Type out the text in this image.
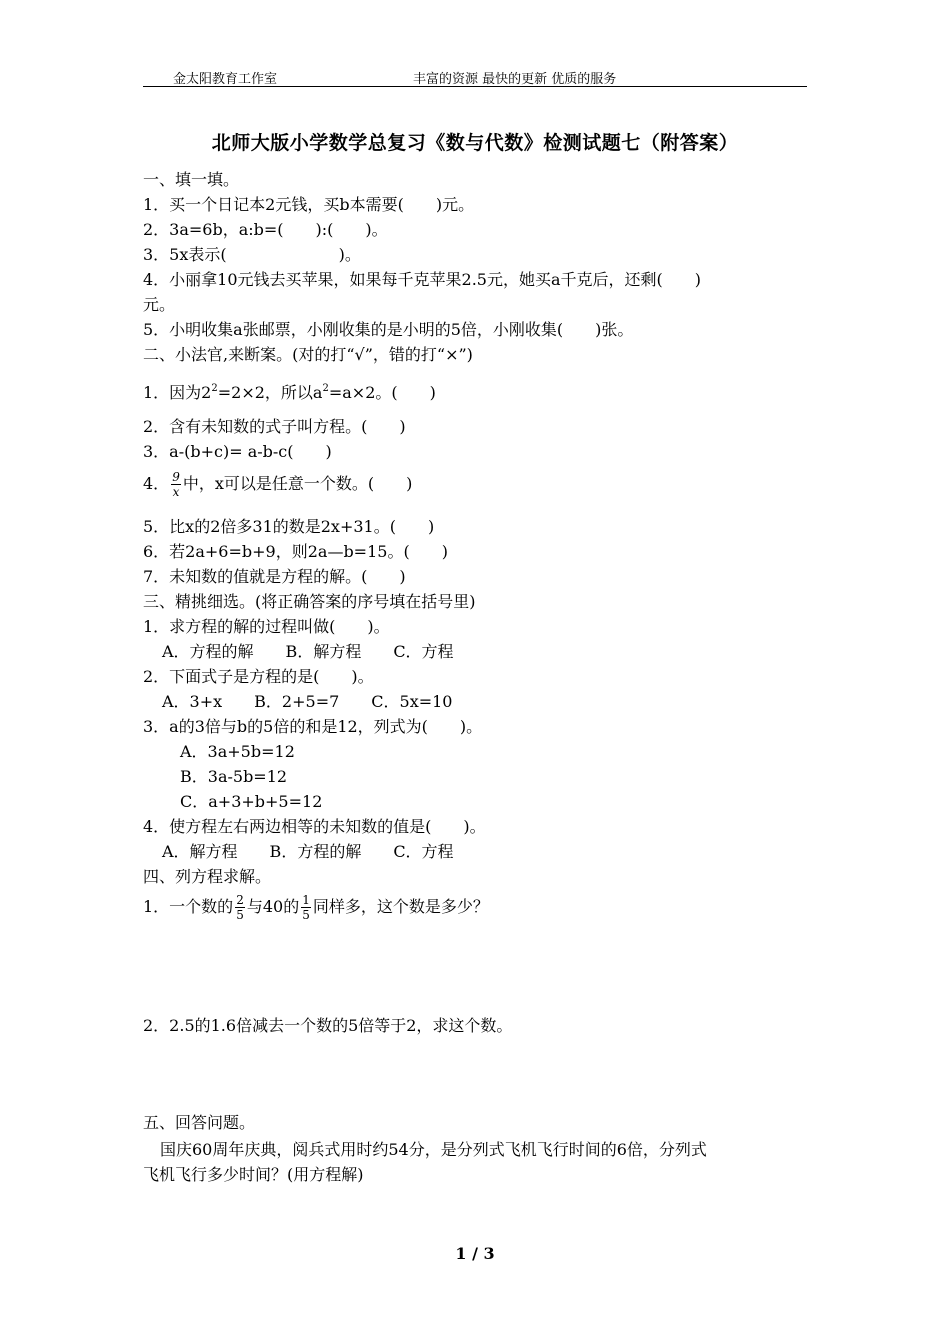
金太阳教育工作室	丰富的资源 最快的更新 优质的服务
北师大版小学数学总复习《数与代数》检测试题七（附答案）
一、填一填。
1．买一个日记本2元钱，买b本需要(　　)元。
2．3a=6b，a:b=(　　):(　　)。
3．5x表示(　　　　　　　)。
4．小丽拿10元钱去买苹果，如果每千克苹果2.5元，她买a千克后，还剩(　　)
元。
5．小明收集a张邮票，小刚收集的是小明的5倍，小刚收集(　　)张。
二、小法官,来断案。(对的打“√”，错的打“×”)
1．因为$2^2=2\times 2$，所以$a^2=a\times 2$。(　　)
2．含有未知数的式子叫方程。(　　)
3．a-(b+c)= a-b-c(　　)
4． $\frac{9}{x}$ 中，x可以是任意一个数。(　　)
5．比x的2倍多31的数是2x+31。(　　)
6．若2a+6=b+9，则2a—b=15。(　　)
7．未知数的值就是方程的解。(　　)
三、精挑细选。(将正确答案的序号填在括号里)
1．求方程的解的过程叫做(　　)。
A．方程的解　　B．解方程　　C．方程
2．下面式子是方程的是(　　)。
A．3+x　　B．2+5=7　　C．5x=10
3．a的3倍与b的5倍的和是12，列式为(　　)。
A．3a+5b=12
B．3a-5b=12
C．a+3+b+5=12
4．使方程左右两边相等的未知数的值是(　　)。
A．解方程　　B．方程的解　　C．方程
四、列方程求解。
1．一个数的 $\frac{2}{5}$ 与40的 $\frac{1}{5}$ 同样多，这个数是多少？
2．2.5的1.6倍减去一个数的5倍等于2，求这个数。
五、回答问题。
国庆60周年庆典，阅兵式用时约54分，是分列式飞机飞行时间的6倍，分列式
飞机飞行多少时间？(用方程解)
1 / 3
